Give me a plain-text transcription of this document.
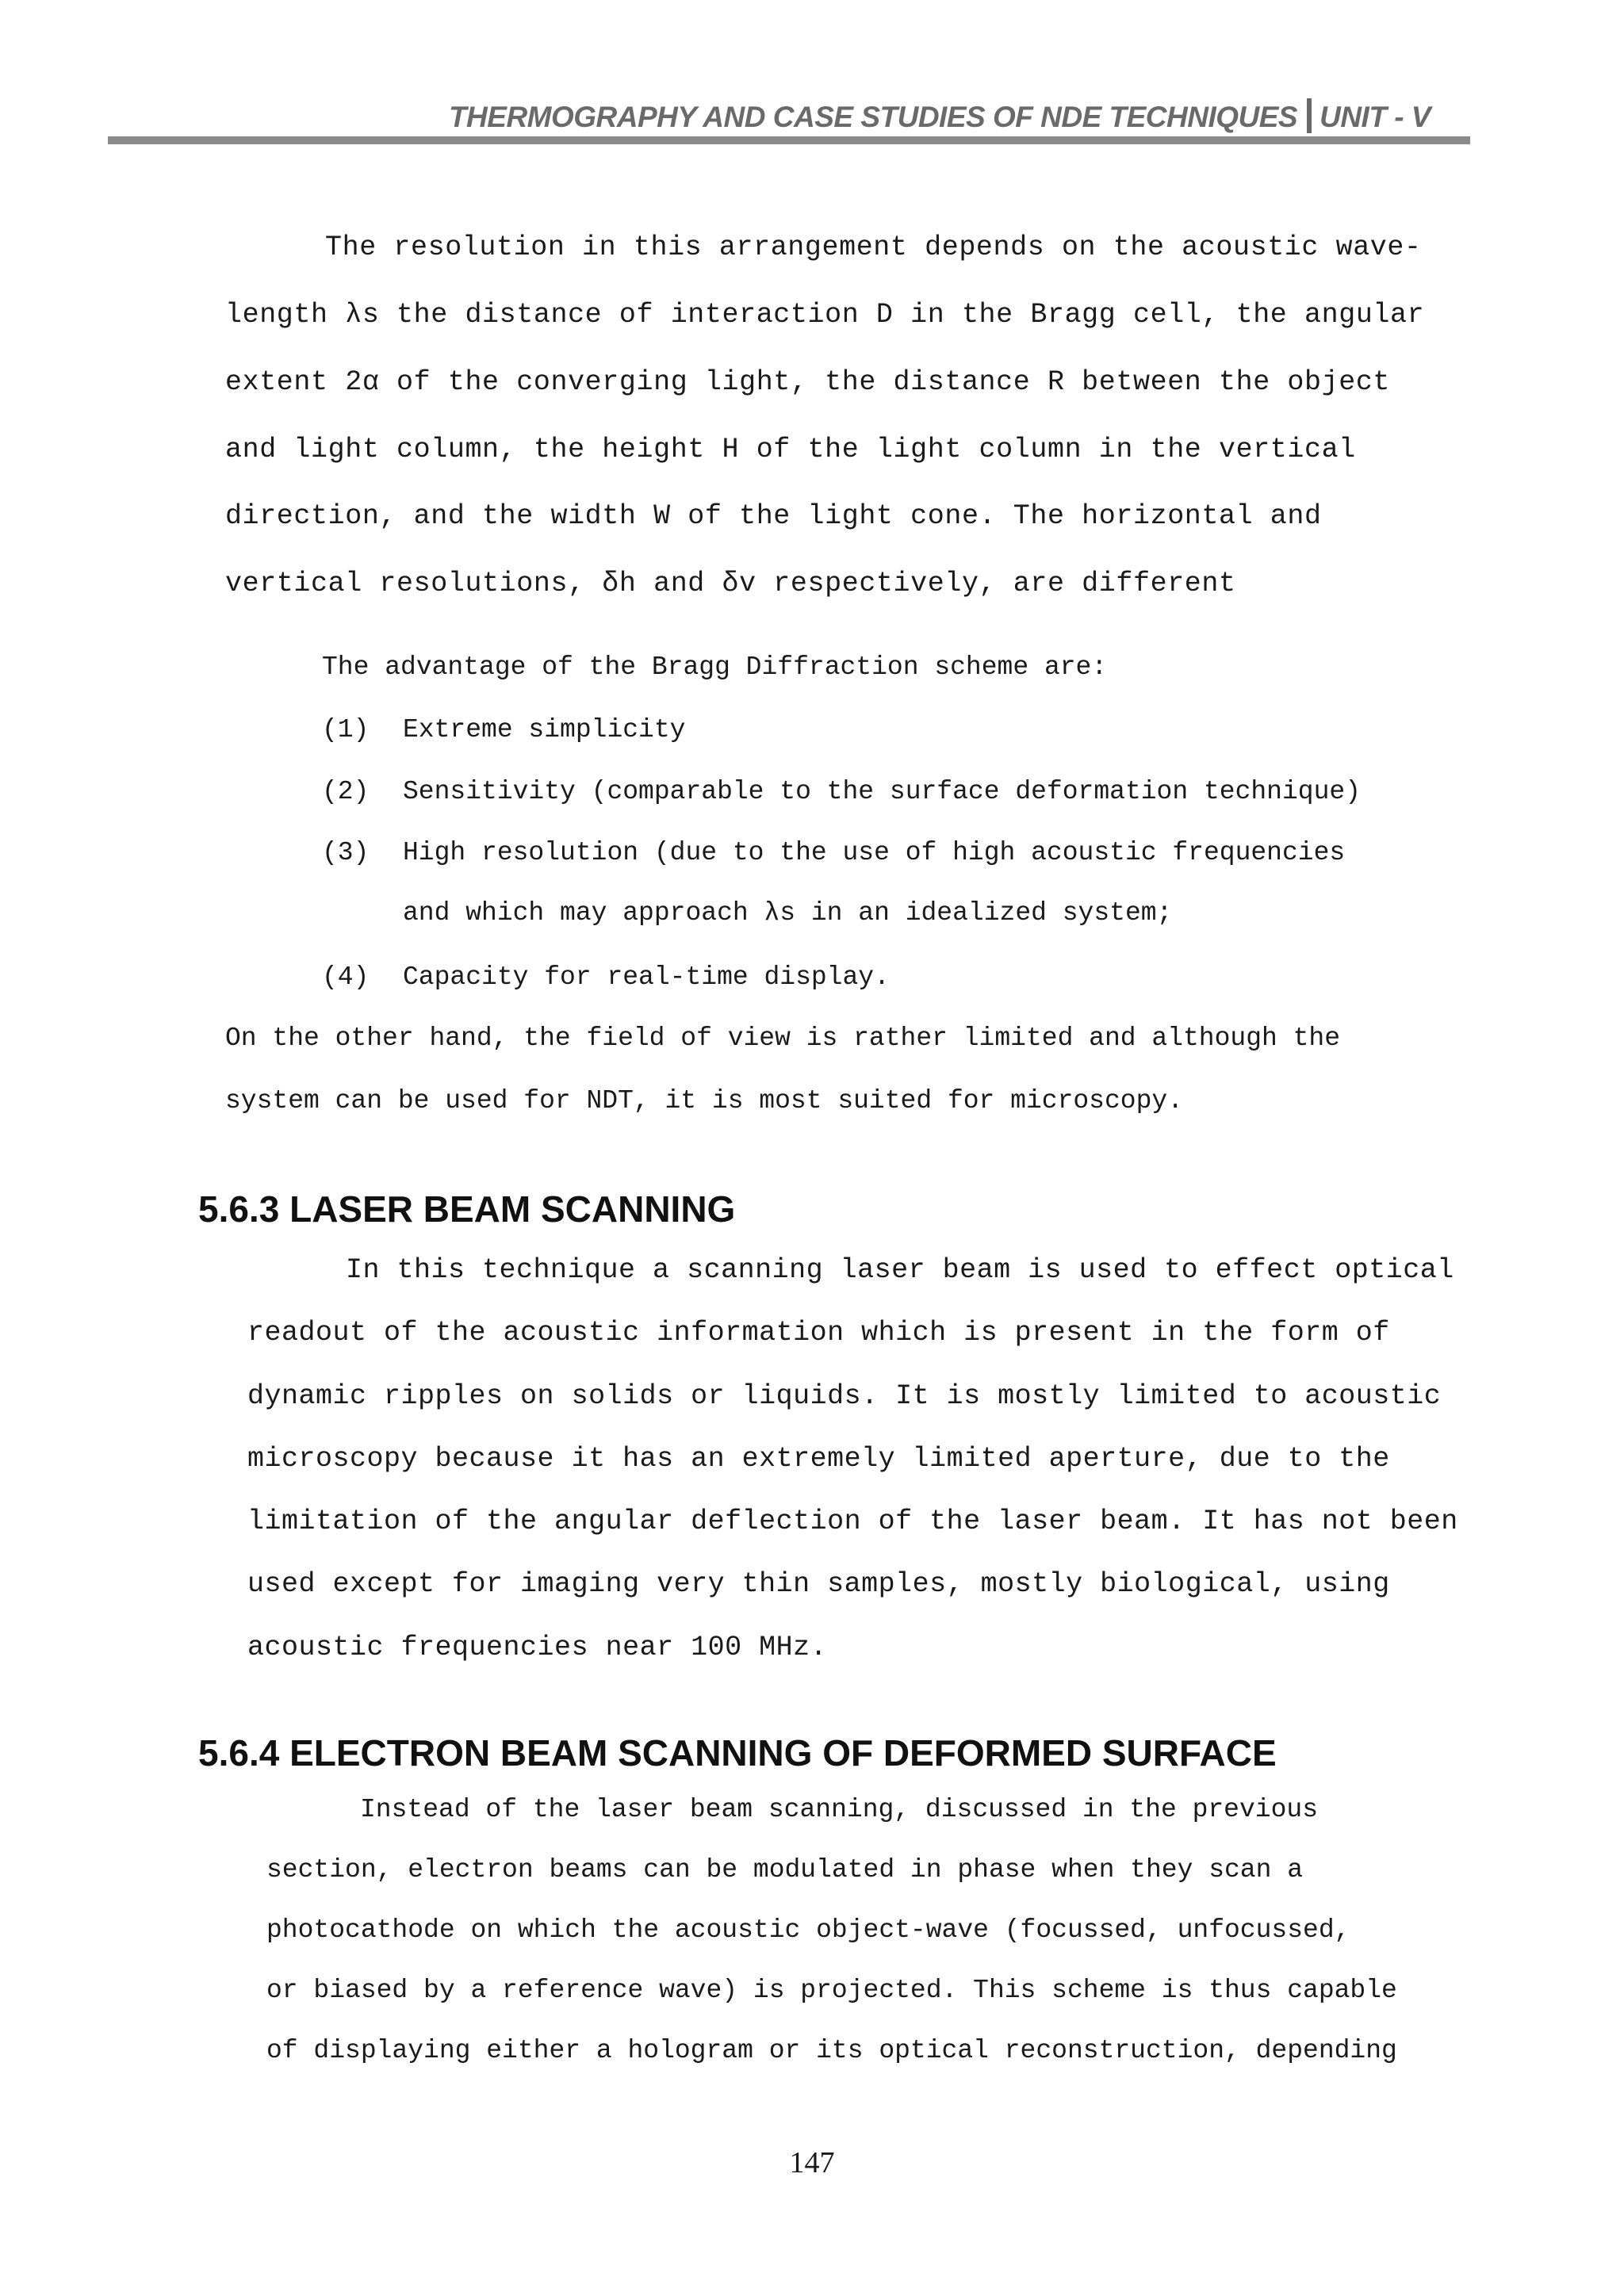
THERMOGRAPHY AND CASE STUDIES OF NDE TECHNIQUES UNIT - V
The resolution in this arrangement depends on the acoustic wave-
length λs the distance of interaction D in the Bragg cell, the angular
extent 2α of the converging light, the distance R between the object
and light column, the height H of the light column in the vertical
direction, and the width W of the light cone. The horizontal and
vertical resolutions, δh and δv respectively, are different
The advantage of the Bragg Diffraction scheme are:
(1) Extreme simplicity
(2) Sensitivity (comparable to the surface deformation technique)
(3) High resolution (due to the use of high acoustic frequencies
and which may approach λs in an idealized system;
(4) Capacity for real-time display.
On the other hand, the field of view is rather limited and although the
system can be used for NDT, it is most suited for microscopy.
5.6.3 LASER BEAM SCANNING
In this technique a scanning laser beam is used to effect optical
readout of the acoustic information which is present in the form of
dynamic ripples on solids or liquids. It is mostly limited to acoustic
microscopy because it has an extremely limited aperture, due to the
limitation of the angular deflection of the laser beam. It has not been
used except for imaging very thin samples, mostly biological, using
acoustic frequencies near 100 MHz.
5.6.4 ELECTRON BEAM SCANNING OF DEFORMED SURFACE
Instead of the laser beam scanning, discussed in the previous
section, electron beams can be modulated in phase when they scan a
photocathode on which the acoustic object-wave (focussed, unfocussed,
or biased by a reference wave) is projected. This scheme is thus capable
of displaying either a hologram or its optical reconstruction, depending
147
